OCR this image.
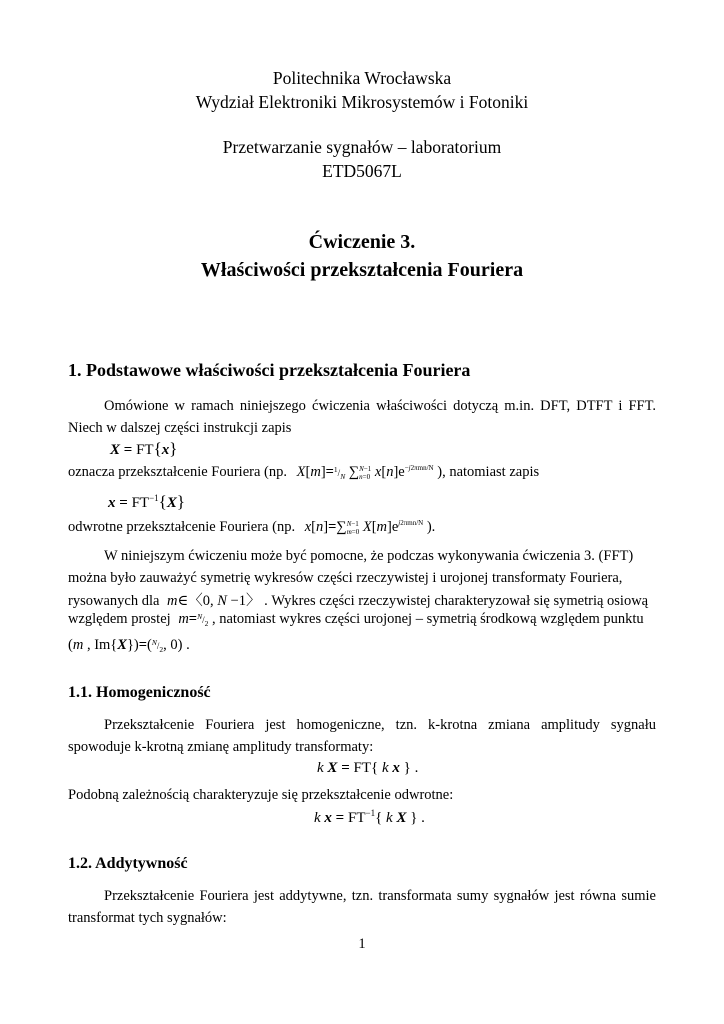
Politechnika Wrocławska
Wydział Elektroniki Mikrosystemów i Fotoniki
Przetwarzanie sygnałów – laboratorium
ETD5067L
Ćwiczenie 3.
Właściwości przekształcenia Fouriera
1. Podstawowe właściwości przekształcenia Fouriera
Omówione w ramach niniejszego ćwiczenia właściwości dotyczą m.in. DFT, DTFT i FFT. Niech w dalszej części instrukcji zapis
X = FT{x}
oznacza przekształcenie Fouriera (np. $X[m]=^1/_N$ ∑N−1
n=0 $x[n]e^{-j2\pi mn/N}$ ), natomiast zapis
$x = FT^{-1}\{X\}$
odwrotne przekształcenie Fouriera (np. x[n]=∑N−1
m=0 $X[m]e^{j2\pi mn/N}$ ).
W niniejszym ćwiczeniu może być pomocne, że podczas wykonywania ćwiczenia 3. (FFT)
można było zauważyć symetrię wykresów części rzeczywistej i urojonej transformaty Fouriera,
rysowanych dla m∈〈0, N −1〉 . Wykres części rzeczywistej charakteryzował się symetrią osiową
względem prostej $m=^N/_2$ , natomiast wykres części urojonej – symetrią środkową względem punktu
(m , $Im\{X\})=(^N/_2$, 0) .
1.1. Homogeniczność
Przekształcenie Fouriera jest homogeniczne, tzn. k-krotna zmiana amplitudy sygnału spowoduje k-krotną zmianę amplitudy transformaty:
k X = FT{ k x } .
Podobną zależnością charakteryzuje się przekształcenie odwrotne:
k $x = FT^{-1}${ k X } .
1.2. Addytywność
Przekształcenie Fouriera jest addytywne, tzn. transformata sumy sygnałów jest równa sumie transformat tych sygnałów:
1
